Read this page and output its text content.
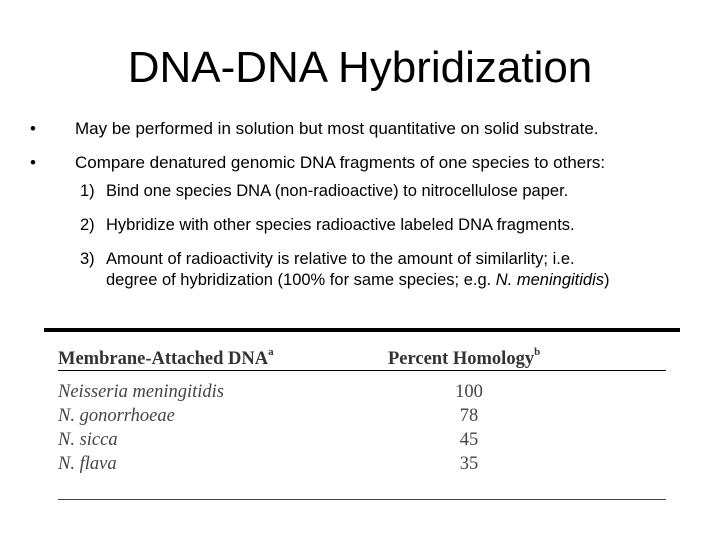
DNA-DNA Hybridization
• May be performed in solution but most quantitative on solid substrate.
• Compare denatured genomic DNA fragments of one species to others:
1) Bind one species DNA (non-radioactive) to nitrocellulose paper.
2) Hybridize with other species radioactive labeled DNA fragments.
3) Amount of radioactivity is relative to the amount of similarlity; i.e.
degree of hybridization (100% for same species; e.g. N. meningitidis)
Membrane-Attached DNA$^a$	Percent Homology$^b$
Neisseria meningitidis	100
N. gonorrhoeae	78
N. sicca	45
N. flava	35
